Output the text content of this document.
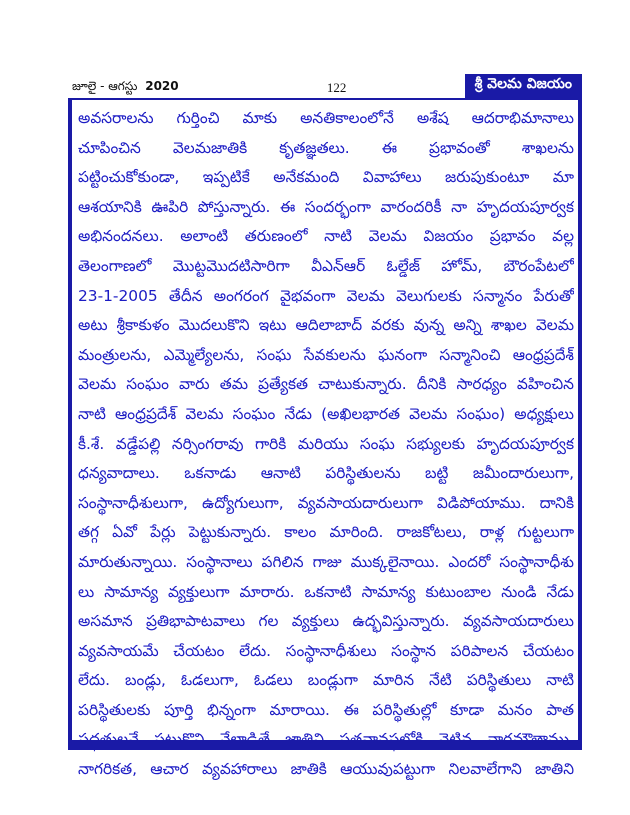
జూలై - ఆగస్టు 2020	122	శ్రీ వెలమ విజయం
అవసరాలను గుర్తించి మాకు అనతికాలంలోనే అశేష ఆదరాభిమానాలు
చూపించిన వెలమజాతికి కృతజ్ఞతలు. ఈ ప్రభావంతో శాఖలను
పట్టించుకోకుండా, ఇప్పటికే అనేకమంది వివాహాలు జరుపుకుంటూ మా
ఆశయానికి ఊపిరి పోస్తున్నారు. ఈ సందర్భంగా వారందరికీ నా హృదయపూర్వక
అభినందనలు. అలాంటి తరుణంలో నాటి వెలమ విజయం ప్రభావం వల్ల
తెలంగాణలో మొట్టమొదటిసారిగా వీఎన్ఆర్ ఓల్డేజ్ హోమ్, బౌరంపేటలో
23-1-2005 తేదీన అంగరంగ వైభవంగా వెలమ వెలుగులకు సన్మానం పేరుతో
అటు శ్రీకాకుళం మొదలుకొని ఇటు ఆదిలాబాద్ వరకు వున్న అన్ని శాఖల వెలమ
మంత్రులను, ఎమ్మెల్యేలను, సంఘ సేవకులను ఘనంగా సన్మానించి ఆంధ్రప్రదేశ్
వెలమ సంఘం వారు తమ ప్రత్యేకత చాటుకున్నారు. దీనికి సారధ్యం వహించిన
నాటి ఆంధ్రప్రదేశ్ వెలమ సంఘం నేడు (అఖిలభారత వెలమ సంఘం) అధ్యక్షులు
కీ.శే. వడ్డేపల్లి నర్సింగరావు గారికి మరియు సంఘ సభ్యులకు హృదయపూర్వక
ధన్యవాదాలు. ఒకనాడు ఆనాటి పరిస్థితులను బట్టి జమీందారులుగా,
సంస్థానాధీశులుగా, ఉద్యోగులుగా, వ్యవసాయదారులుగా విడిపోయాము. దానికి
తగ్గ ఏవో పేర్లు పెట్టుకున్నారు. కాలం మారింది. రాజకోటలు, రాళ్ల గుట్టలుగా
మారుతున్నాయి. సంస్థానాలు పగిలిన గాజు ముక్కలైనాయి. ఎందరో సంస్థానాధీశు
లు సామాన్య వ్యక్తులుగా మారారు. ఒకనాటి సామాన్య కుటుంబాల నుండి నేడు
అసమాన ప్రతిభాపాటవాలు గల వ్యక్తులు ఉద్భవిస్తున్నారు. వ్యవసాయదారులు
వ్యవసాయమే చేయటం లేదు. సంస్థానాధీశులు సంస్థాన పరిపాలన చేయటం
లేదు. బండ్లు, ఓడలుగా, ఓడలు బండ్లుగా మారిన నేటి పరిస్థితులు నాటి
పరిస్థితులకు పూర్తి భిన్నంగా మారాయి. ఈ పరిస్థితుల్లో కూడా మనం పాత
నాగరికత, ఆచార వ్యవహారాలు జాతికి ఆయువుపట్టుగా నిలవాలేగాని జాతిని
